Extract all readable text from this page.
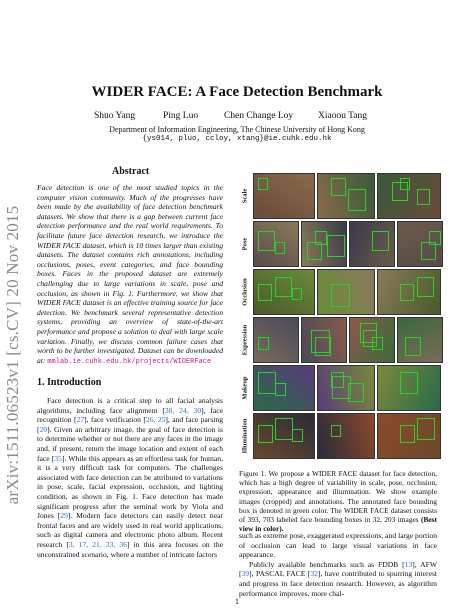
arXiv:1511.06523v1 [cs.CV] 20 Nov 2015
WIDER FACE: A Face Detection Benchmark
Shuo Yang	Ping Luo	Chen Change Loy	Xiaoou Tang
Department of Information Engineering, The Chinese University of Hong Kong
{ys014, pluo, ccloy, xtang}@ie.cuhk.edu.hk
Abstract
Face detection is one of the most studied topics in the computer vision community. Much of the progresses have been made by the availability of face detection benchmark datasets. We show that there is a gap between current face detection performance and the real world requirements. To facilitate future face detection research, we introduce the WIDER FACE dataset, which is 10 times larger than existing datasets. The dataset contains rich annotations, including occlusions, poses, event categories, and face bounding boxes. Faces in the proposed dataset are extremely challenging due to large variations in scale, pose and occlusion, as shown in Fig. 1. Furthermore, we show that WIDER FACE dataset is an effective training source for face detection. We benchmark several representative detection systems, providing an overview of state-of-the-art performance and propose a solution to deal with large scale variation. Finally, we discuss common failure cases that worth to be further investigated. Dataset can be downloaded at: mmlab.ie.cuhk.edu.hk/projects/WIDERFace
1. Introduction
Face detection is a critical step to all facial analysis algorithms, including face alignment [38, 24, 30], face recognition [27], face verification [26, 25], and face parsing [20]. Given an arbitrary image, the goal of face detection is to determine whether or not there are any faces in the image and, if present, return the image location and extent of each face [35]. While this appears as an effortless task for human, it is a very difficult task for computers. The challenges associated with face detection can be attributed to variations in pose, scale, facial expression, occlusion, and lighting condition, as shown in Fig. 1. Face detection has made significant progress after the seminal work by Viola and Jones [29]. Modern face detectors can easily detect near frontal faces and are widely used in real world applications, such as digital camera and electronic photo album. Recent research [3, 17, 21, 33, 36] in this area focuses on the unconstrained scenario, where a number of intricate factors
Scale
Pose
Occlusion
Expression
Makeup
Illumination
Figure 1. We propose a WIDER FACE dataset for face detection, which has a high degree of variability in scale, pose, occlusion, expression, appearance and illumination. We show example images (cropped) and annotations. The annotated face bounding box is denoted in green color. The WIDER FACE dataset consists of 393, 703 labeled face bounding boxes in 32, 203 images (Best view in color).

such as extreme pose, exaggerated expressions, and large portion of occlusion can lead to large visual variations in face appearance.

Publicly available benchmarks such as FDDB [13], AFW [39], PASCAL FACE [32], have contributed to spurring interest and progress in face detection research. However, as algorithm performance improves, more chal-

1
